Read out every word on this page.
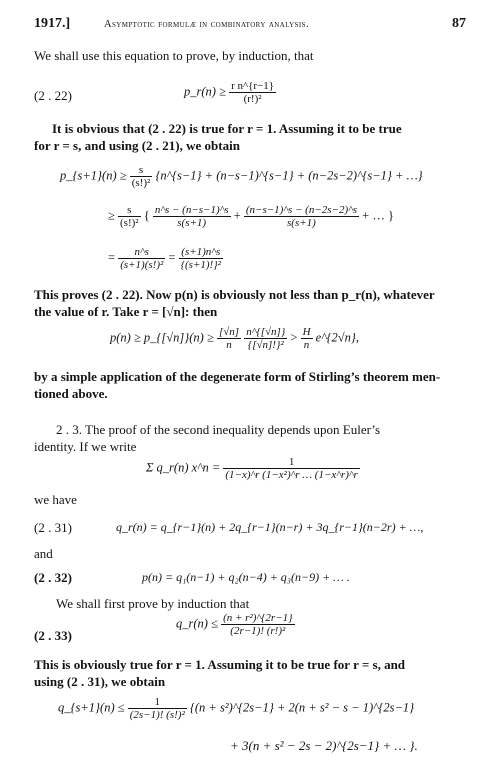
1917.]	Asymptotic formulæ in combinatory analysis.	87
We shall use this equation to prove, by induction, that
(2 . 22)	p_r(n) ≥ $\frac{\text{r n\textasciicircum{}\{r−1\}}}{\text{(r!)²}}$
It is obvious that (2 . 22) is true for r = 1. Assuming it to be true
for r = s, and using (2 . 21), we obtain
p_{s+1}(n) ≥ $\frac{s}{\text{(s!)²}}$ {n^{s−1} + (n−s−1)^{s−1} + (n−2s−2)^{s−1} + …}
≥ $\frac{s}{\text{(s!)²}}$ { $\frac{n\^{}s - (n-s-1)\^{}s}{s(s+1)} + \frac{(n-s-1)\^{}s - (n-2s-2)\^{}s}{s(s+1)}$ + … }
= $\frac{n\^{}s}{\text{(s+1)(s!)²}} = \frac{(s+1)n\^{}s}{\text{\{(s+1)!\}²}}$
This proves (2 . 22). Now p(n) is obviously not less than p_r(n), whatever
the value of r. Take r = [√n]: then
p(n) ≥ p_{[√n]}(n) ≥ $\frac{[√n]}{n}$
$\frac{n\^{}\{[√n]\}}{\text{\{[√n]!\}²}} > \frac{H}{n}$ e^{2√n},
by a simple application of the degenerate form of Stirling’s theorem men-
tioned above.
2 . 3. The proof of the second inequality depends upon Euler’s
identity. If we write
Σ q_r(n) x^n = $\frac{1}{\text{(1−x)\textasciicircum{}r (1−x²)\textasciicircum{}r … (1−x\textasciicircum{}r)\textasciicircum{}r}}$
we have
(2 . 31)	q_r(n) = q_{r−1}(n) + 2q_{r−1}(n−r) + 3q_{r−1}(n−2r) + …,
and
(2 . 32)	p(n) = q₁(n−1) + q₂(n−4) + q₃(n−9) + … .
We shall first prove by induction that
(2 . 33)
q_r(n) ≤ $\frac{\text{(n + r²)\textasciicircum{}\{2r−1\}}}{\text{(2r−1)! (r!)²}}$
This is obviously true for r = 1. Assuming it to be true for r = s, and
using (2 . 31), we obtain
q_{s+1}(n) ≤ $\frac{1}{\text{(2s−1)! (s!)²}} \{(n$ + s²)^{2s−1} + 2(n + s² − s − 1)^{2s−1}
+ 3(n + s² − 2s − 2)^{2s−1} + … }.
